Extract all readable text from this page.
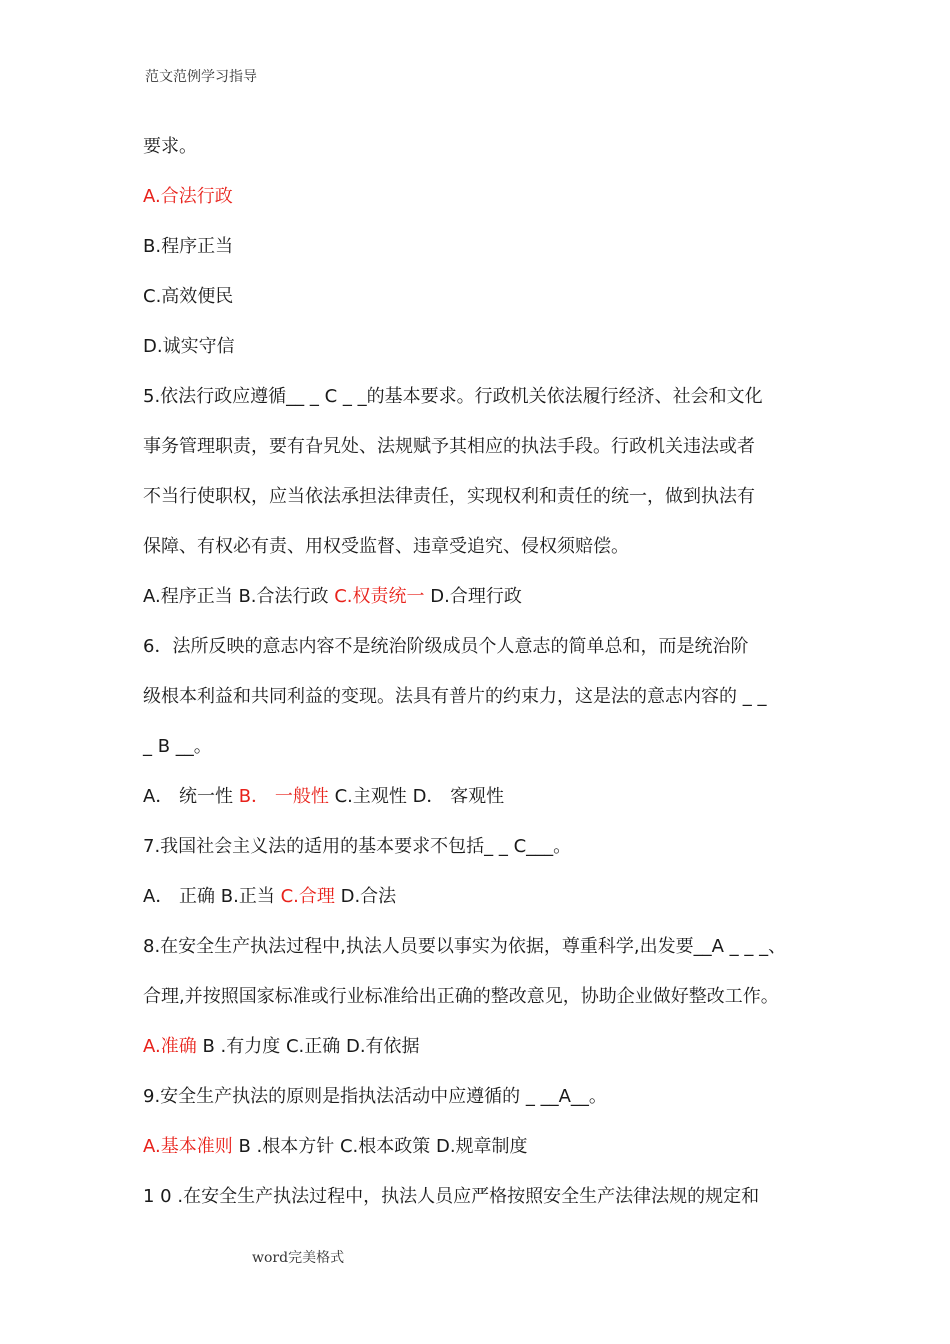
范文范例学习指导
要求。
A.合法行政
B.程序正当
C.高效便民
D.诚实守信
5.依法行政应遵循__ _ C _ _的基本要求。行政机关依法履行经济、社会和文化
事务管理职责，要有旮旯处、法规赋予其相应的执法手段。行政机关违法或者
不当行使职权，应当依法承担法律责任，实现权利和责任的统一，做到执法有
保障、有权必有责、用权受监督、违章受追究、侵权须赔偿。
A.程序正当 B.合法行政 C.权责统一 D.合理行政
6．法所反映的意志内容不是统治阶级成员个人意志的简单总和，而是统治阶
级根本利益和共同利益的变现。法具有普片的约束力，这是法的意志内容的 _ _
_ B __。
A． 统一性 B． 一般性 C.主观性 D． 客观性
7.我国社会主义法的适用的基本要求不包括_ _ C___。
A． 正确 B.正当 C.合理 D.合法
8.在安全生产执法过程中,执法人员要以事实为依据，尊重科学,出发要__A _ _ _、
合理,并按照国家标准或行业标准给出正确的整改意见，协助企业做好整改工作。
A.准确 B .有力度 C.正确 D.有依据
9.安全生产执法的原则是指执法活动中应遵循的 _ __A__。
A.基本准则 B .根本方针 C.根本政策 D.规章制度
1 0 .在安全生产执法过程中，执法人员应严格按照安全生产法律法规的规定和
word完美格式
